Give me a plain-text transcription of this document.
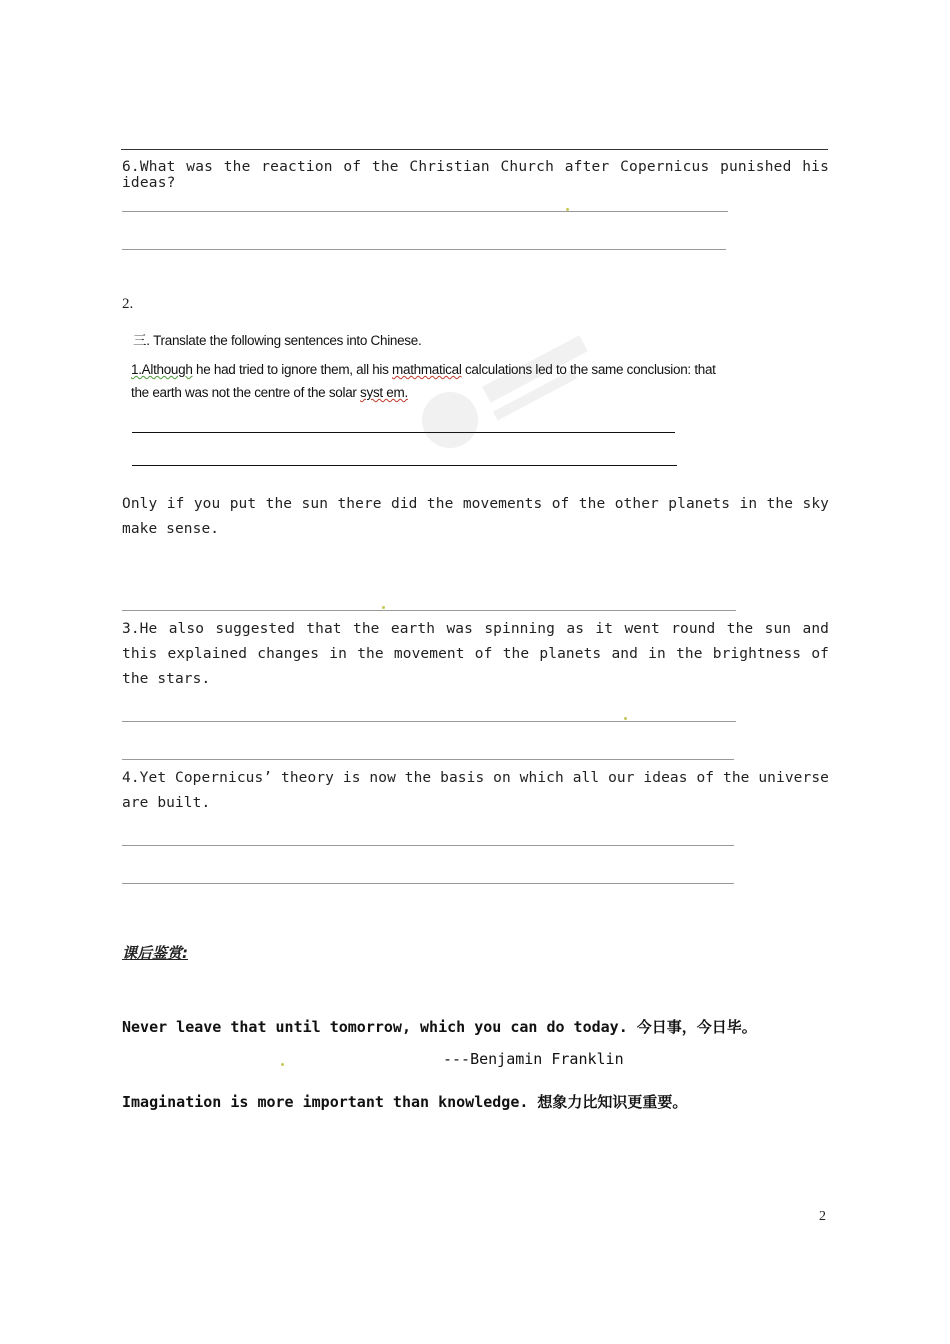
6.What was the reaction of the Christian Church after Copernicus punished his ideas?
2.
三. Translate the following sentences into Chinese.
1.Although he had tried to ignore them, all his mathmatical calculations led to the same conclusion: that
the earth was not the centre of the solar syst em.
Only if you put the sun there did the movements of the other planets in the sky make sense.
3.He also suggested that the earth was spinning as it went round the sun and this explained changes in the movement of the planets and in the brightness of the stars.
4.Yet Copernicus’ theory is now the basis on which all our ideas of the universe are built.
课后鉴赏:
Never leave that until tomorrow, which you can do today. 今日事，今日毕。
---Benjamin Franklin
Imagination is more important than knowledge. 想象力比知识更重要。
2
